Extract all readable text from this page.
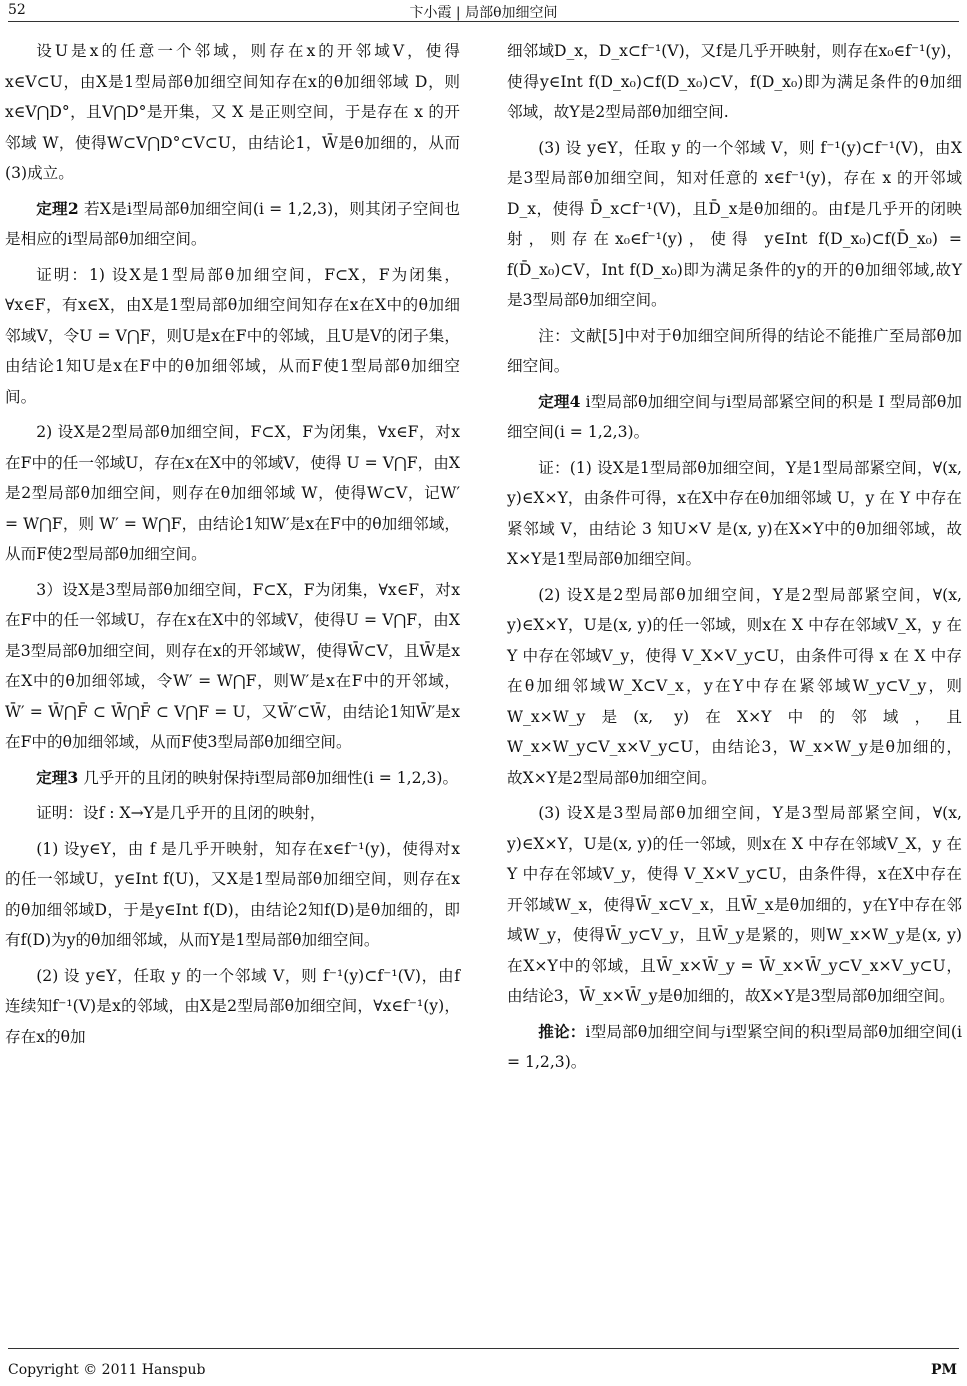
52	卞小霞 | 局部θ加细空间

设U是x的任意一个邻域，则存在x的开邻域V，使得x∈V⊂U，由X是1型局部θ加细空间知存在x的θ加细邻域 D，则x∈V⋂D°，且V⋂D°是开集，又 X 是正则空间，于是存在 x 的开邻域 W，使得W⊂V⋂D°⊂V⊂U，由结论1，W̄是θ加细的，从而(3)成立。

定理2 若X是i型局部θ加细空间(i = 1,2,3)，则其闭子空间也是相应的i型局部θ加细空间。

证明：1) 设X是1型局部θ加细空间，F⊂X，F为闭集，∀x∈F，有x∈X，由X是1型局部θ加细空间知存在x在X中的θ加细邻域V，令U = V⋂F，则U是x在F中的邻域，且U是V的闭子集，由结论1知U是x在F中的θ加细邻域，从而F使1型局部θ加细空间。

2) 设X是2型局部θ加细空间，F⊂X，F为闭集，∀x∈F，对x在F中的任一邻域U，存在x在X中的邻域V，使得 U = V⋂F，由X是2型局部θ加细空间，则存在θ加细邻域 W，使得W⊂V，记W′ = W⋂F，则 W′ = W⋂F，由结论1知W′是x在F中的θ加细邻域，从而F使2型局部θ加细空间。

3）设X是3型局部θ加细空间，F⊂X，F为闭集，∀x∈F，对x在F中的任一邻域U，存在x在X中的邻域V，使得U = V⋂F，由X是3型局部θ加细空间，则存在x的开邻域W，使得W̄⊂V，且W̄是x在X中的θ加细邻域，令W′ = W⋂F，则W′是x在F中的开邻域，W̄′ = W̄⋂F̄ ⊂ W̄⋂F̄ ⊂ V⋂F = U，又W̄′⊂W̄，由结论1知W̄′是x在F中的θ加细邻域，从而F使3型局部θ加细空间。

定理3 几乎开的且闭的映射保持i型局部θ加细性(i = 1,2,3)。

证明：设f : X→Y是几乎开的且闭的映射，

(1) 设y∈Y，由 f 是几乎开映射，知存在x∈f⁻¹(y)，使得对x的任一邻域U，y∈Int f(U)，又X是1型局部θ加细空间，则存在x的θ加细邻域D，于是y∈Int f(D)，由结论2知f(D)是θ加细的，即有f(D)为y的θ加细邻域，从而Y是1型局部θ加细空间。

(2) 设 y∈Y，任取 y 的一个邻域 V，则 f⁻¹(y)⊂f⁻¹(V)，由f连续知f⁻¹(V)是x的邻域，由X是2型局部θ加细空间，∀x∈f⁻¹(y)，存在x的θ加

细邻域D_x，D_x⊂f⁻¹(V)，又f是几乎开映射，则存在x₀∈f⁻¹(y)，使得y∈Int f(D_x₀)⊂f(D_x₀)⊂V，f(D_x₀)即为满足条件的θ加细邻域，故Y是2型局部θ加细空间.

(3) 设 y∈Y，任取 y 的一个邻域 V，则 f⁻¹(y)⊂f⁻¹(V)，由X是3型局部θ加细空间，知对任意的 x∈f⁻¹(y)，存在 x 的开邻域 D_x，使得 D̄_x⊂f⁻¹(V)，且D̄_x是θ加细的。由f是几乎开的闭映射，则存在x₀∈f⁻¹(y)，使得 y∈Int f(D_x₀)⊂f(D̄_x₀) = f(D̄_x₀)⊂V，Int f(D_x₀)即为满足条件的y的开的θ加细邻域,故Y是3型局部θ加细空间。

注：文献[5]中对于θ加细空间所得的结论不能推广至局部θ加细空间。

定理4 i型局部θ加细空间与i型局部紧空间的积是 I 型局部θ加细空间(i = 1,2,3)。

证：(1) 设X是1型局部θ加细空间，Y是1型局部紧空间，∀(x, y)∈X×Y，由条件可得，x在X中存在θ加细邻域 U，y 在 Y 中存在紧邻域 V，由结论 3 知U×V 是(x, y)在X×Y中的θ加细邻域，故X×Y是1型局部θ加细空间。

(2) 设X是2型局部θ加细空间，Y是2型局部紧空间，∀(x, y)∈X×Y，U是(x, y)的任一邻域，则x在 X 中存在邻域V_X，y 在 Y 中存在邻域V_y，使得 V_X×V_y⊂U，由条件可得 x 在 X 中存在θ加细邻域W_X⊂V_x，y在Y中存在紧邻域W_y⊂V_y，则W_x×W_y是(x, y)在X×Y中的邻域，且W_x×W_y⊂V_x×V_y⊂U，由结论3，W_x×W_y是θ加细的，故X×Y是2型局部θ加细空间。

(3) 设X是3型局部θ加细空间，Y是3型局部紧空间，∀(x, y)∈X×Y，U是(x, y)的任一邻域，则x在 X 中存在邻域V_X，y 在 Y 中存在邻域V_y，使得 V_X×V_y⊂U，由条件得，x在X中存在开邻域W_x，使得W̄_x⊂V_x，且W̄_x是θ加细的，y在Y中存在邻域W_y，使得W̄_y⊂V_y，且W̄_y是紧的，则W_x×W_y是(x, y)在X×Y中的邻域，且W̄_x×W̄_y = W̄_x×W̄_y⊂V_x×V_y⊂U，由结论3，W̄_x×W̄_y是θ加细的，故X×Y是3型局部θ加细空间。

推论：i型局部θ加细空间与i型紧空间的积i型局部θ加细空间(i = 1,2,3)。

Copyright © 2011 Hanspub	PM
